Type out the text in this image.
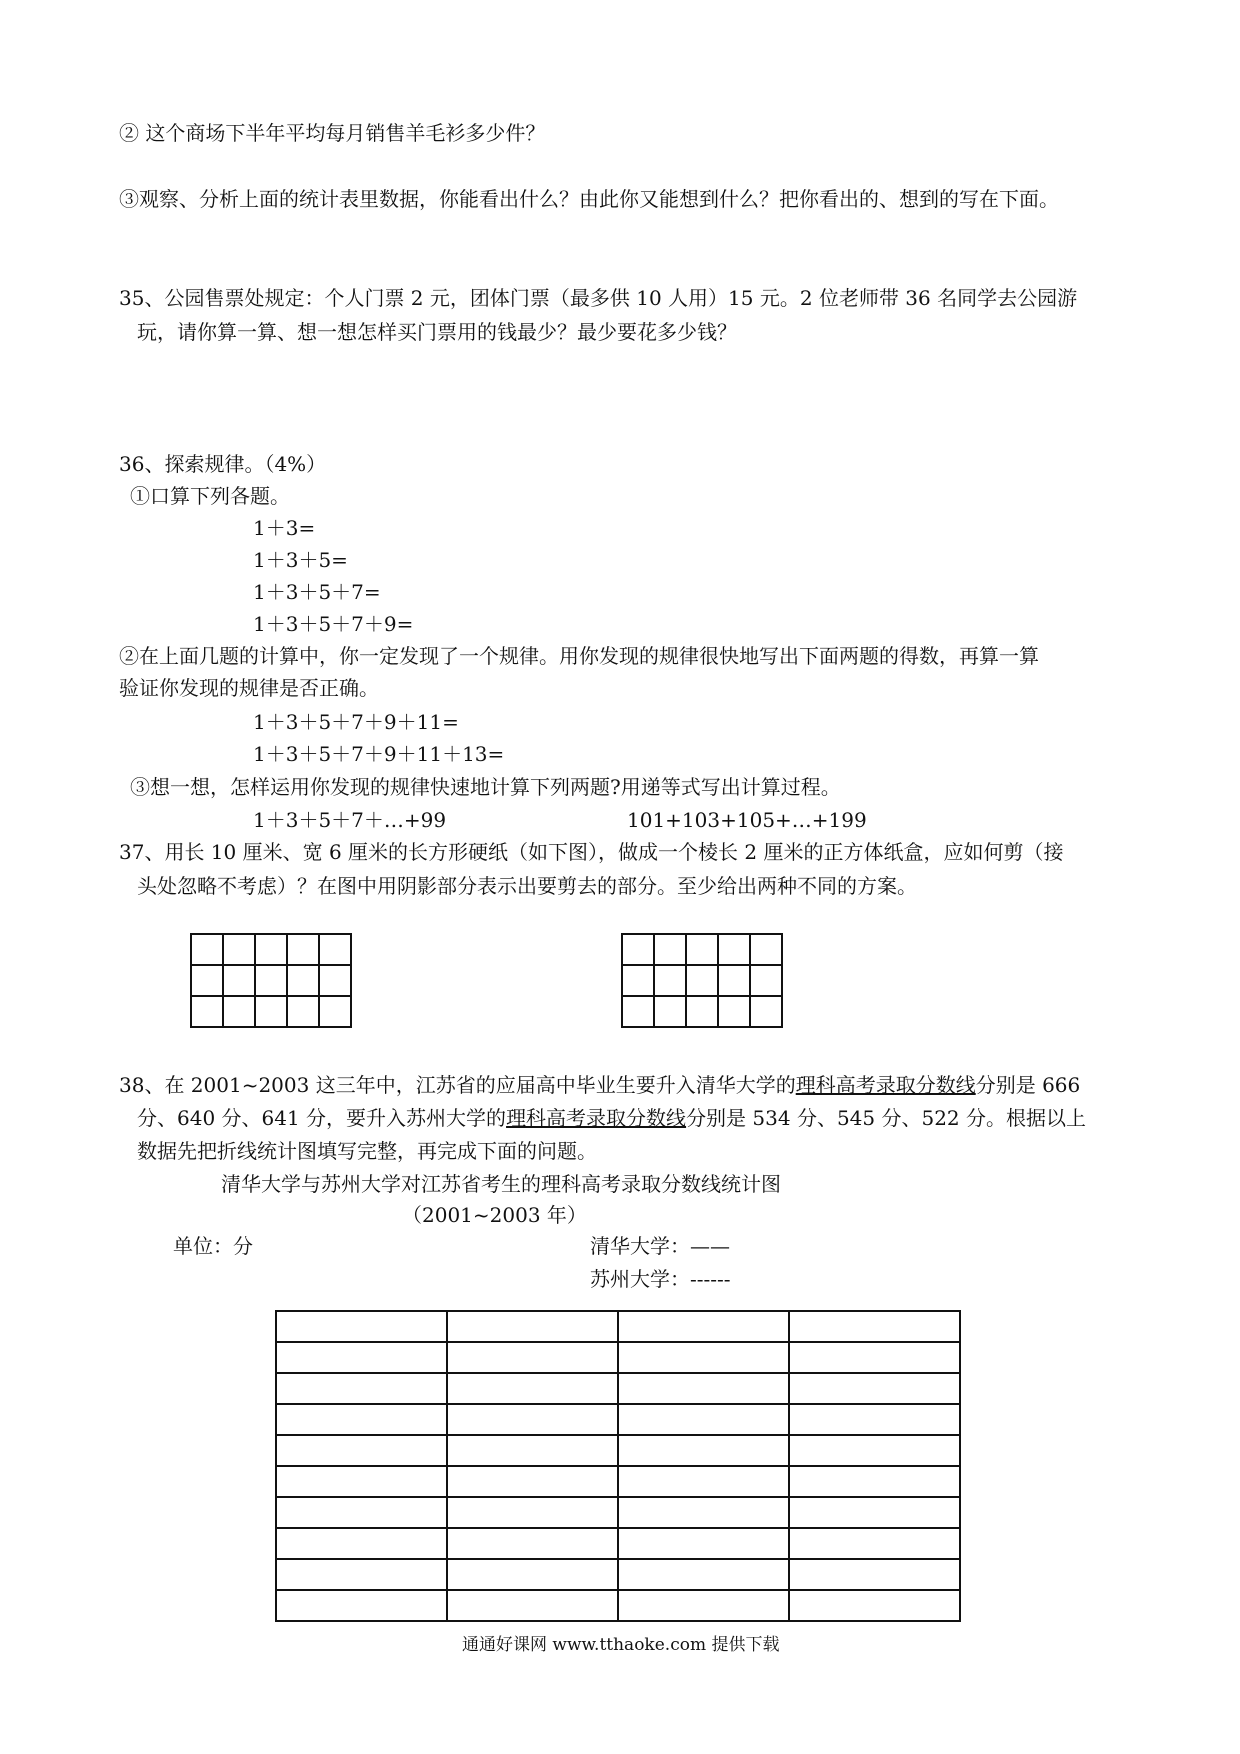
② 这个商场下半年平均每月销售羊毛衫多少件？

③观察、分析上面的统计表里数据，你能看出什么？由此你又能想到什么？把你看出的、想到的写在下面。

35、公园售票处规定：个人门票 2 元，团体门票（最多供 10 人用）15 元。2 位老师带 36 名同学去公园游

玩，请你算一算、想一想怎样买门票用的钱最少？最少要花多少钱？

36、探索规律。（4%）

①口算下列各题。

1＋3=

1＋3＋5=

1＋3＋5＋7=

1＋3＋5＋7＋9=

②在上面几题的计算中，你一定发现了一个规律。用你发现的规律很快地写出下面两题的得数，再算一算

验证你发现的规律是否正确。

1＋3＋5＋7＋9＋11=

1＋3＋5＋7＋9＋11＋13=

③想一想，怎样运用你发现的规律快速地计算下列两题?用递等式写出计算过程。

1＋3＋5＋7＋…+99	101+103+105+…+199

37、用长 10 厘米、宽 6 厘米的长方形硬纸（如下图），做成一个棱长 2 厘米的正方体纸盒，应如何剪（接

头处忽略不考虑）？在图中用阴影部分表示出要剪去的部分。至少给出两种不同的方案。

38、在 2001~2003 这三年中，江苏省的应届高中毕业生要升入清华大学的理科高考录取分数线分别是 666

分、640 分、641 分，要升入苏州大学的理科高考录取分数线分别是 534 分、545 分、522 分。根据以上

数据先把折线统计图填写完整，再完成下面的问题。

清华大学与苏州大学对江苏省考生的理科高考录取分数线统计图

（2001~2003 年）

单位：分	清华大学：——

苏州大学：------

通通好课网 www.tthaoke.com 提供下载
